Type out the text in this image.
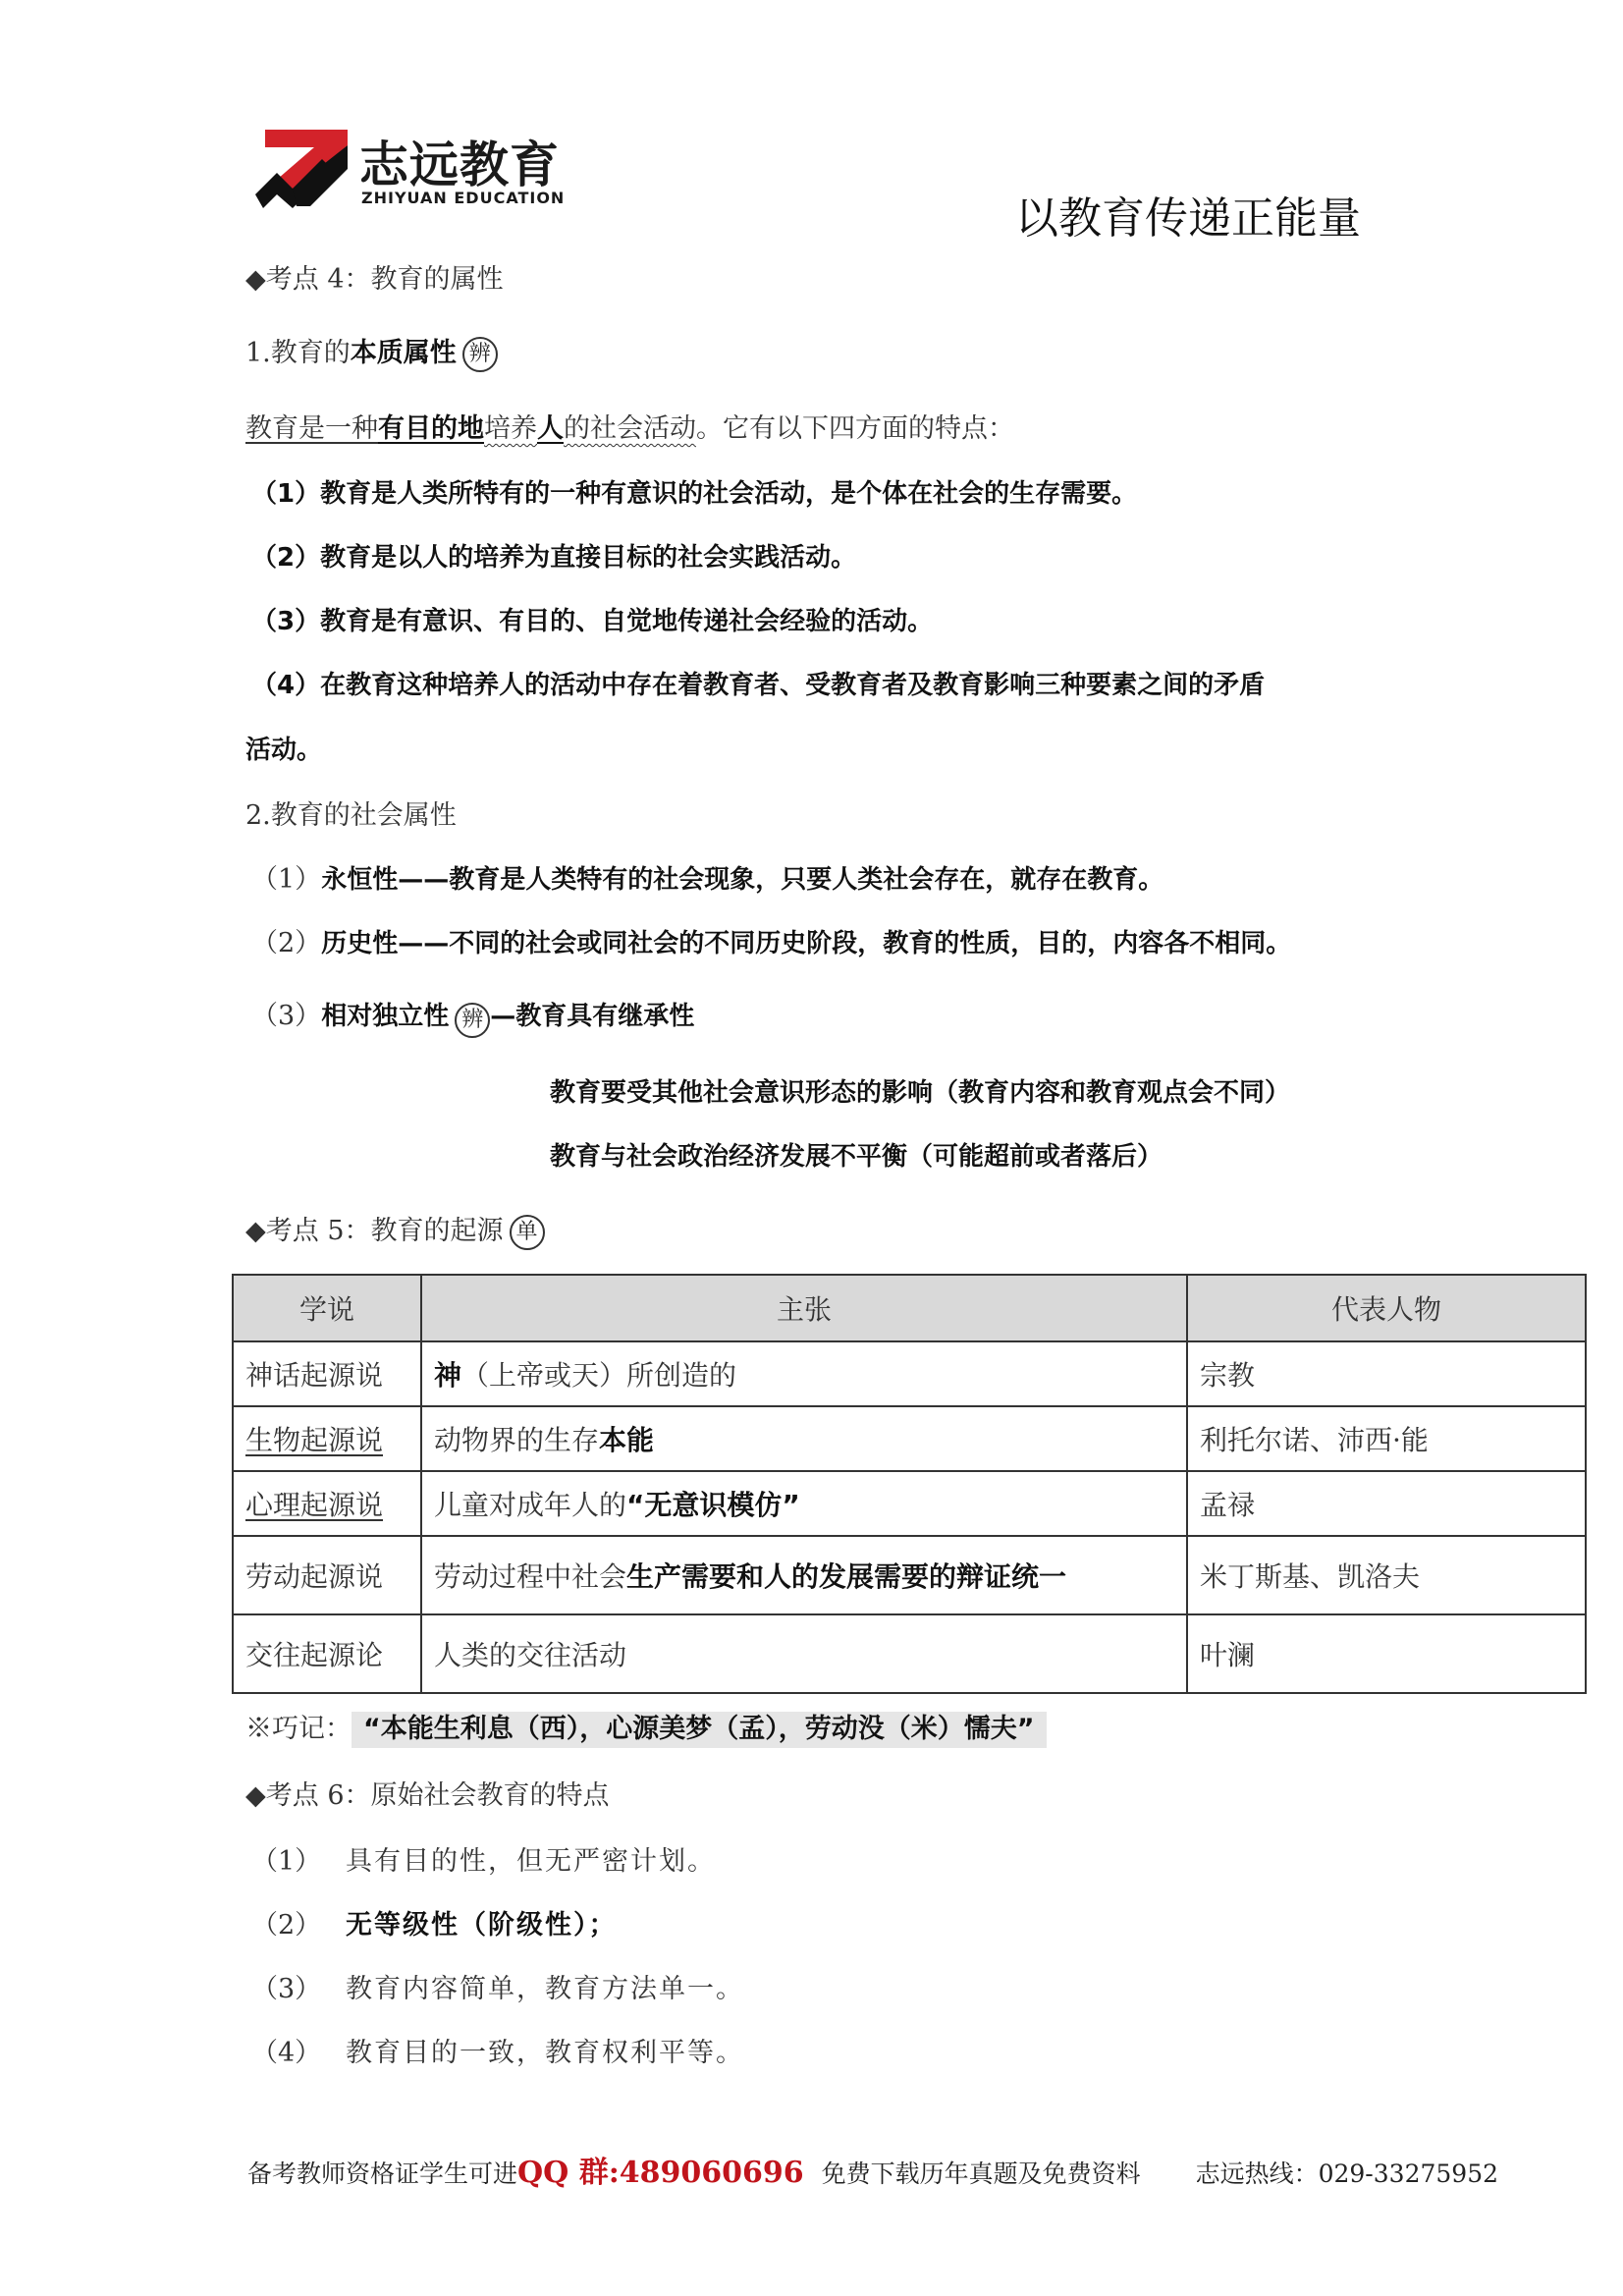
志远教育
ZHIYUAN EDUCATION	以教育传递正能量
◆考点 4：教育的属性
1.教育的本质属性 辨
教育是一种有目的地培养人的社会活动。它有以下四方面的特点：
（1）教育是人类所特有的一种有意识的社会活动，是个体在社会的生存需要。
（2）教育是以人的培养为直接目标的社会实践活动。
（3）教育是有意识、有目的、自觉地传递社会经验的活动。
（4）在教育这种培养人的活动中存在着教育者、受教育者及教育影响三种要素之间的矛盾
活动。
2.教育的社会属性
（1）永恒性——教育是人类特有的社会现象，只要人类社会存在，就存在教育。
（2）历史性——不同的社会或同社会的不同历史阶段，教育的性质，目的，内容各不相同。
（3）相对独立性 辨 —教育具有继承性
教育要受其他社会意识形态的影响（教育内容和教育观点会不同）
教育与社会政治经济发展不平衡（可能超前或者落后）
◆考点 5：教育的起源 单
学说	主张	代表人物
神话起源说	神（上帝或天）所创造的	宗教
生物起源说	动物界的生存本能	利托尔诺、沛西·能
心理起源说	儿童对成年人的“无意识模仿”	孟禄
劳动起源说	劳动过程中社会生产需要和人的发展需要的辩证统一	米丁斯基、凯洛夫
交往起源论	人类的交往活动	叶澜
※巧记： “本能生利息（西），心源美梦（孟），劳动没（米）懦夫”
◆考点 6：原始社会教育的特点
（1） 具有目的性，但无严密计划。
（2） 无等级性（阶级性）；
（3） 教育内容简单，教育方法单一。
（4） 教育目的一致，教育权利平等。
备考教师资格证学生可进QQ 群:489060696 免费下载历年真题及免费资料 志远热线：029-33275952
